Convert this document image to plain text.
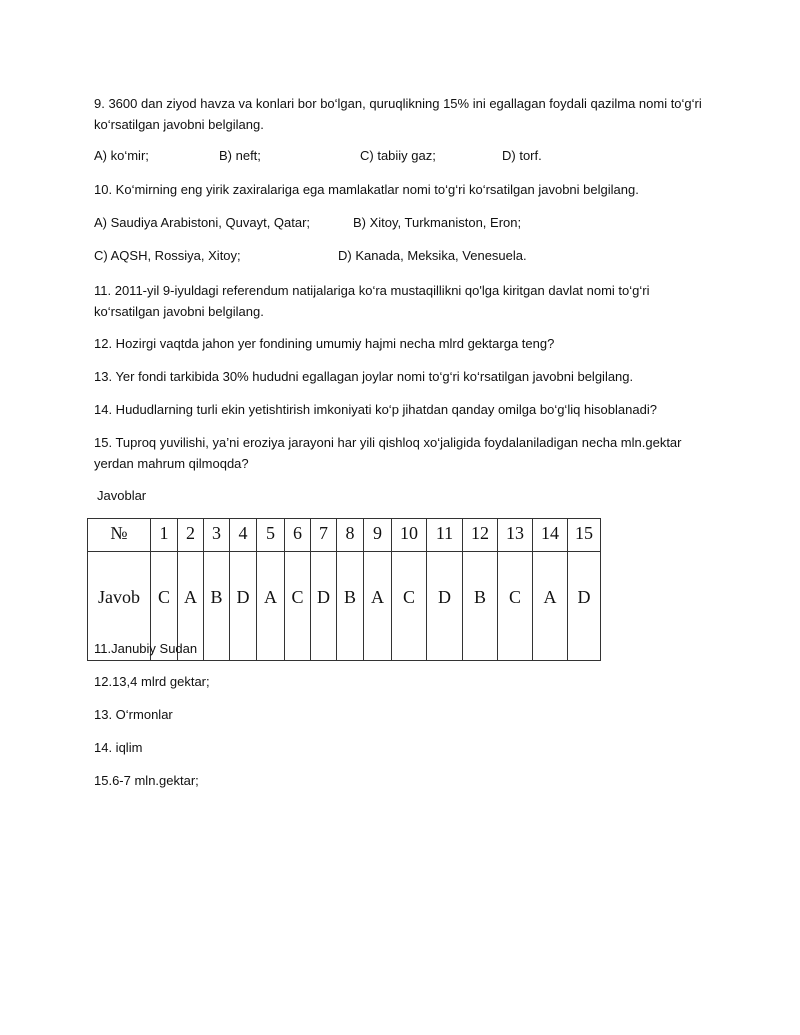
9. 3600 dan ziyod havza va konlari bor bo‘lgan, quruqlikning 15% ini egallagan foydali qazilma nomi to‘g‘ri ko‘rsatilgan javobni belgilang.

A) ko‘mir;	B) neft;	C) tabiiy gaz;	D) torf.

10. Ko‘mirning eng yirik zaxiralariga ega mamlakatlar nomi to‘g‘ri ko‘rsatilgan javobni belgilang.

A) Saudiya Arabistoni, Quvayt, Qatar;	B) Xitoy, Turkmaniston, Eron;
C) AQSH, Rossiya, Xitoy;	D) Kanada, Meksika, Venesuela.

11. 2011-yil 9-iyuldagi referendum natijalariga ko‘ra mustaqillikni qo'lga kiritgan davlat nomi to‘g‘ri ko‘rsatilgan javobni belgilang.

12. Hozirgi vaqtda jahon yer fondining umumiy hajmi necha mlrd gektarga teng?

13. Yer fondi tarkibida 30% hududni egallagan joylar nomi to‘g‘ri ko‘rsatilgan javobni belgilang.

14. Hududlarning turli ekin yetishtirish imkoniyati ko‘p jihatdan qanday omilga bo‘g‘liq hisoblanadi?

15. Tuproq yuvilishi, ya’ni eroziya jarayoni har yili qishloq xo‘jaligida foydalaniladigan necha mln.gektar yerdan mahrum qilmoqda?

Javoblar
№	1	2	3	4	5	6	7	8	9	10	11	12	13	14	15
Javob	C	A	B	D	A	C	D	B	A	C	D	B	C	A	D
11.Janubiy Sudan
12.13,4 mlrd gektar;
13. O‘rmonlar
14. iqlim
15.6-7 mln.gektar;
